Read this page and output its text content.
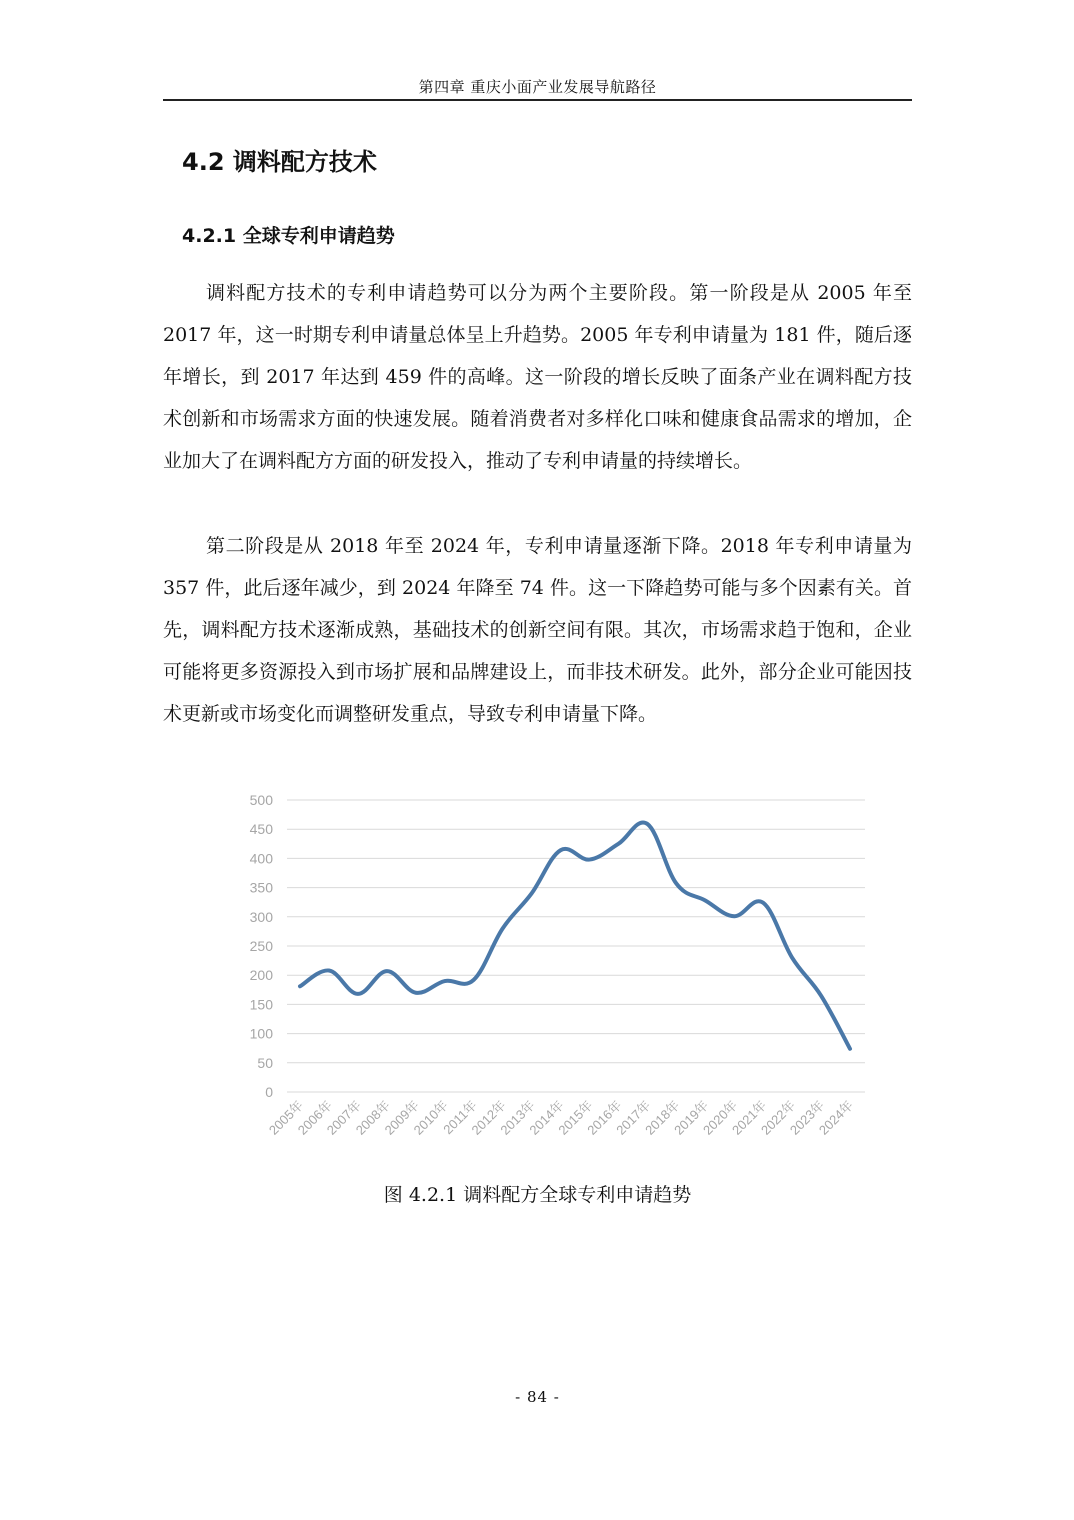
第四章 重庆小面产业发展导航路径
4.2 调料配方技术
4.2.1 全球专利申请趋势

调料配方技术的专利申请趋势可以分为两个主要阶段。第一阶段是从 2005 年至 2017 年，这一时期专利申请量总体呈上升趋势。2005 年专利申请量为 181 件，随后逐年增长，到 2017 年达到 459 件的高峰。这一阶段的增长反映了面条产业在调料配方技术创新和市场需求方面的快速发展。随着消费者对多样化口味和健康食品需求的增加，企业加大了在调料配方方面的研发投入，推动了专利申请量的持续增长。

第二阶段是从 2018 年至 2024 年，专利申请量逐渐下降。2018 年专利申请量为 357 件，此后逐年减少，到 2024 年降至 74 件。这一下降趋势可能与多个因素有关。首先，调料配方技术逐渐成熟，基础技术的创新空间有限。其次，市场需求趋于饱和，企业可能将更多资源投入到市场扩展和品牌建设上，而非技术研发。此外，部分企业可能因技术更新或市场变化而调整研发重点，导致专利申请量下降。

0
50
100
150
200
250
300
350
400
450
500
2005年
2006年
2007年
2008年
2009年
2010年
2011年
2012年
2013年
2014年
2015年
2016年
2017年
2018年
2019年
2020年
2021年
2022年
2023年
2024年
图 4.2.1 调料配方全球专利申请趋势
- 84 -
